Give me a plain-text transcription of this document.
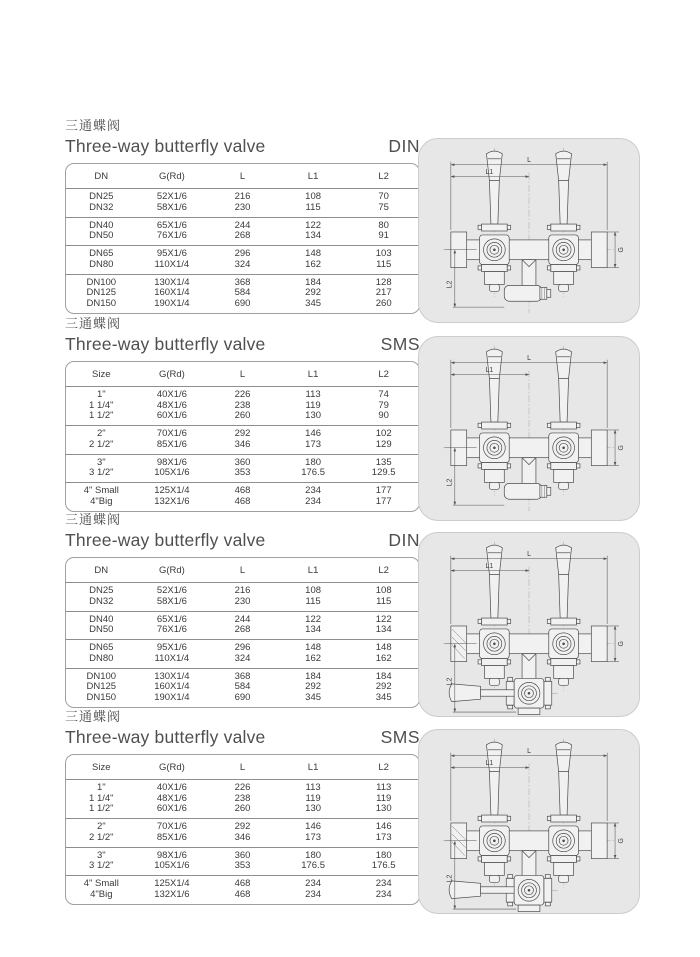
三通蝶阀
Three-way butterfly valve	DIN
DN	G(Rd)	L	L1	L2
DN25	52X1/6	216	108	70
DN32	58X1/6	230	115	75
DN40	65X1/6	244	122	80
DN50	76X1/6	268	134	91
DN65	95X1/6	296	148	103
DN80	110X1/4	324	162	115
DN100	130X1/4	368	184	128
DN125	160X1/4	584	292	217
DN150	190X1/4	690	345	260
L
L1
L2
G
三通蝶阀
Three-way butterfly valve	SMS
Size	G(Rd)	L	L1	L2
1"	40X1/6	226	113	74
1 1/4"	48X1/6	238	119	79
1 1/2"	60X1/6	260	130	90
2"	70X1/6	292	146	102
2 1/2"	85X1/6	346	173	129
3"	98X1/6	360	180	135
3 1/2"	105X1/6	353	176.5	129.5
4" Small	125X1/4	468	234	177
4"Big	132X1/6	468	234	177
L
L1
L2
G
三通蝶阀
Three-way butterfly valve	DIN
DN	G(Rd)	L	L1	L2
DN25	52X1/6	216	108	108
DN32	58X1/6	230	115	115
DN40	65X1/6	244	122	122
DN50	76X1/6	268	134	134
DN65	95X1/6	296	148	148
DN80	110X1/4	324	162	162
DN100	130X1/4	368	184	184
DN125	160X1/4	584	292	292
DN150	190X1/4	690	345	345
L
L1
L2
G
三通蝶阀
Three-way butterfly valve	SMS
Size	G(Rd)	L	L1	L2
1"	40X1/6	226	113	113
1 1/4"	48X1/6	238	119	119
1 1/2"	60X1/6	260	130	130
2"	70X1/6	292	146	146
2 1/2"	85X1/6	346	173	173
3"	98X1/6	360	180	180
3 1/2"	105X1/6	353	176.5	176.5
4" Small	125X1/4	468	234	234
4"Big	132X1/6	468	234	234
L
L1
L2
G
